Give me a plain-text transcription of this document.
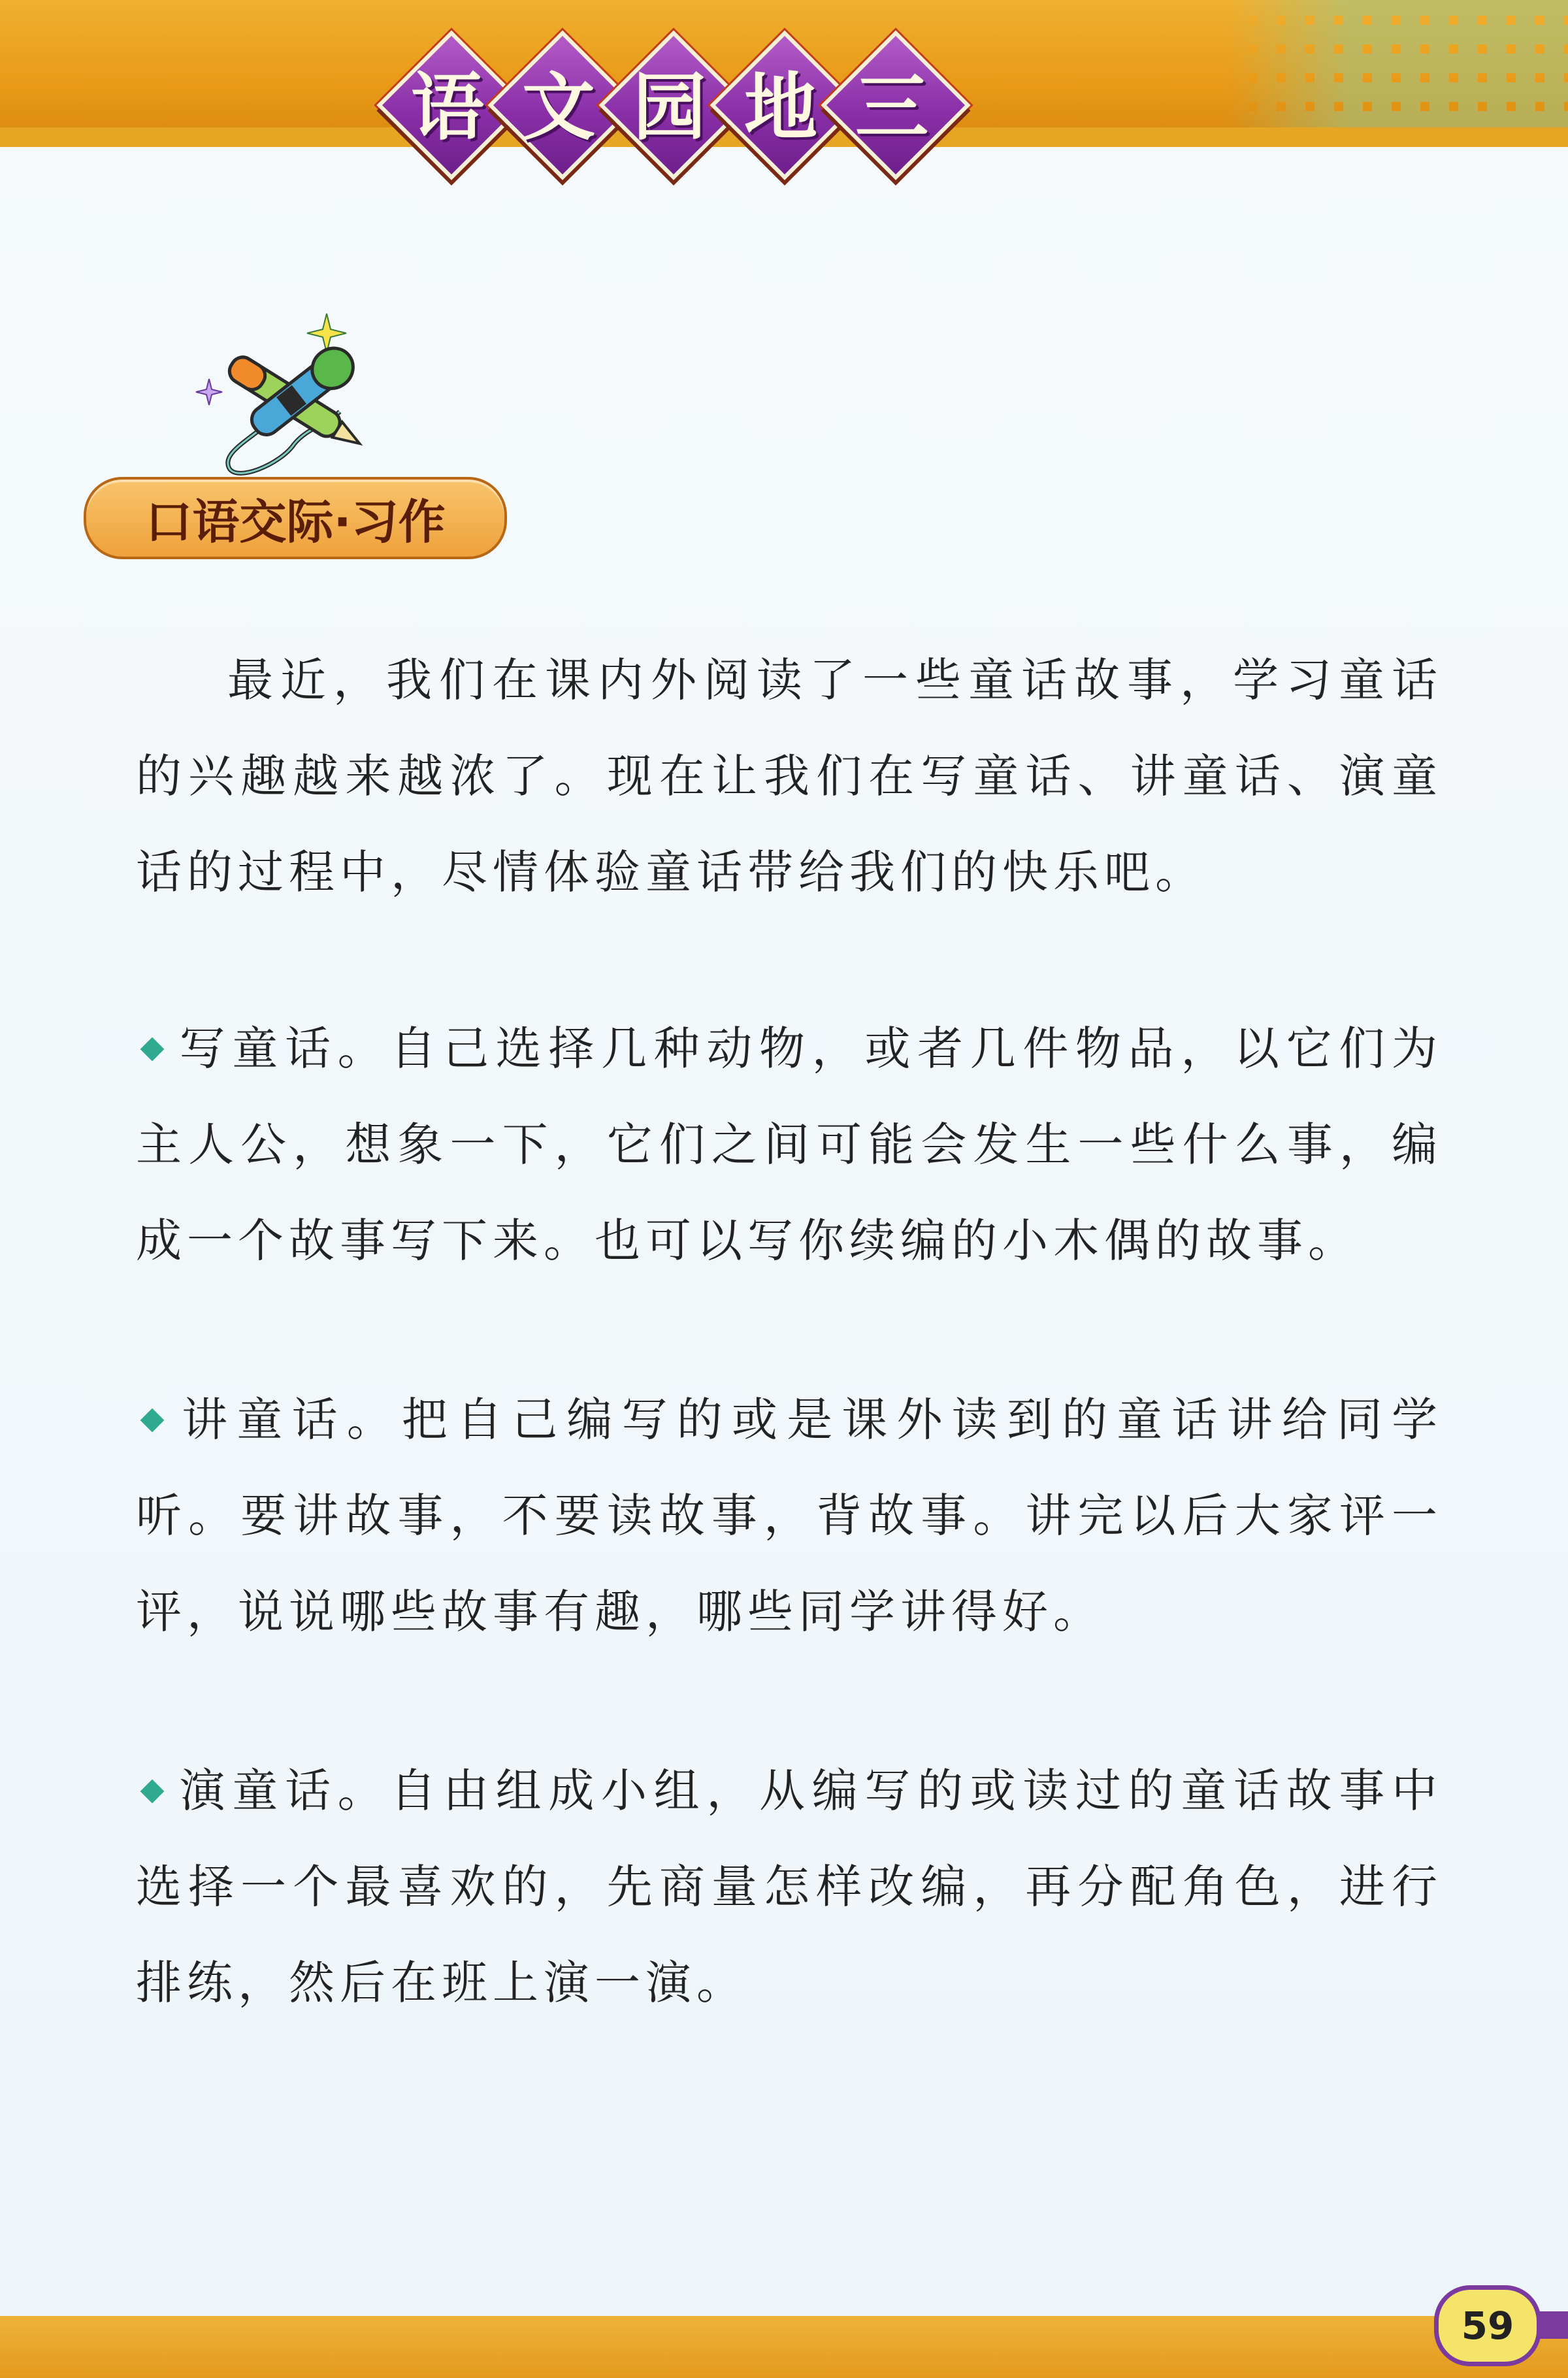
语 文 园 地 三
口语交际·习作
最近，我们在课内外阅读了一些童话故事，学习童话的兴趣越来越浓了。现在让我们在写童话、讲童话、演童话的过程中，尽情体验童话带给我们的快乐吧。
写童话。自己选择几种动物，或者几件物品，以它们为主人公，想象一下，它们之间可能会发生一些什么事，编成一个故事写下来。也可以写你续编的小木偶的故事。
讲童话。把自己编写的或是课外读到的童话讲给同学听。要讲故事，不要读故事，背故事。讲完以后大家评一评，说说哪些故事有趣，哪些同学讲得好。
演童话。自由组成小组，从编写的或读过的童话故事中选择一个最喜欢的，先商量怎样改编，再分配角色，进行排练，然后在班上演一演。
59
